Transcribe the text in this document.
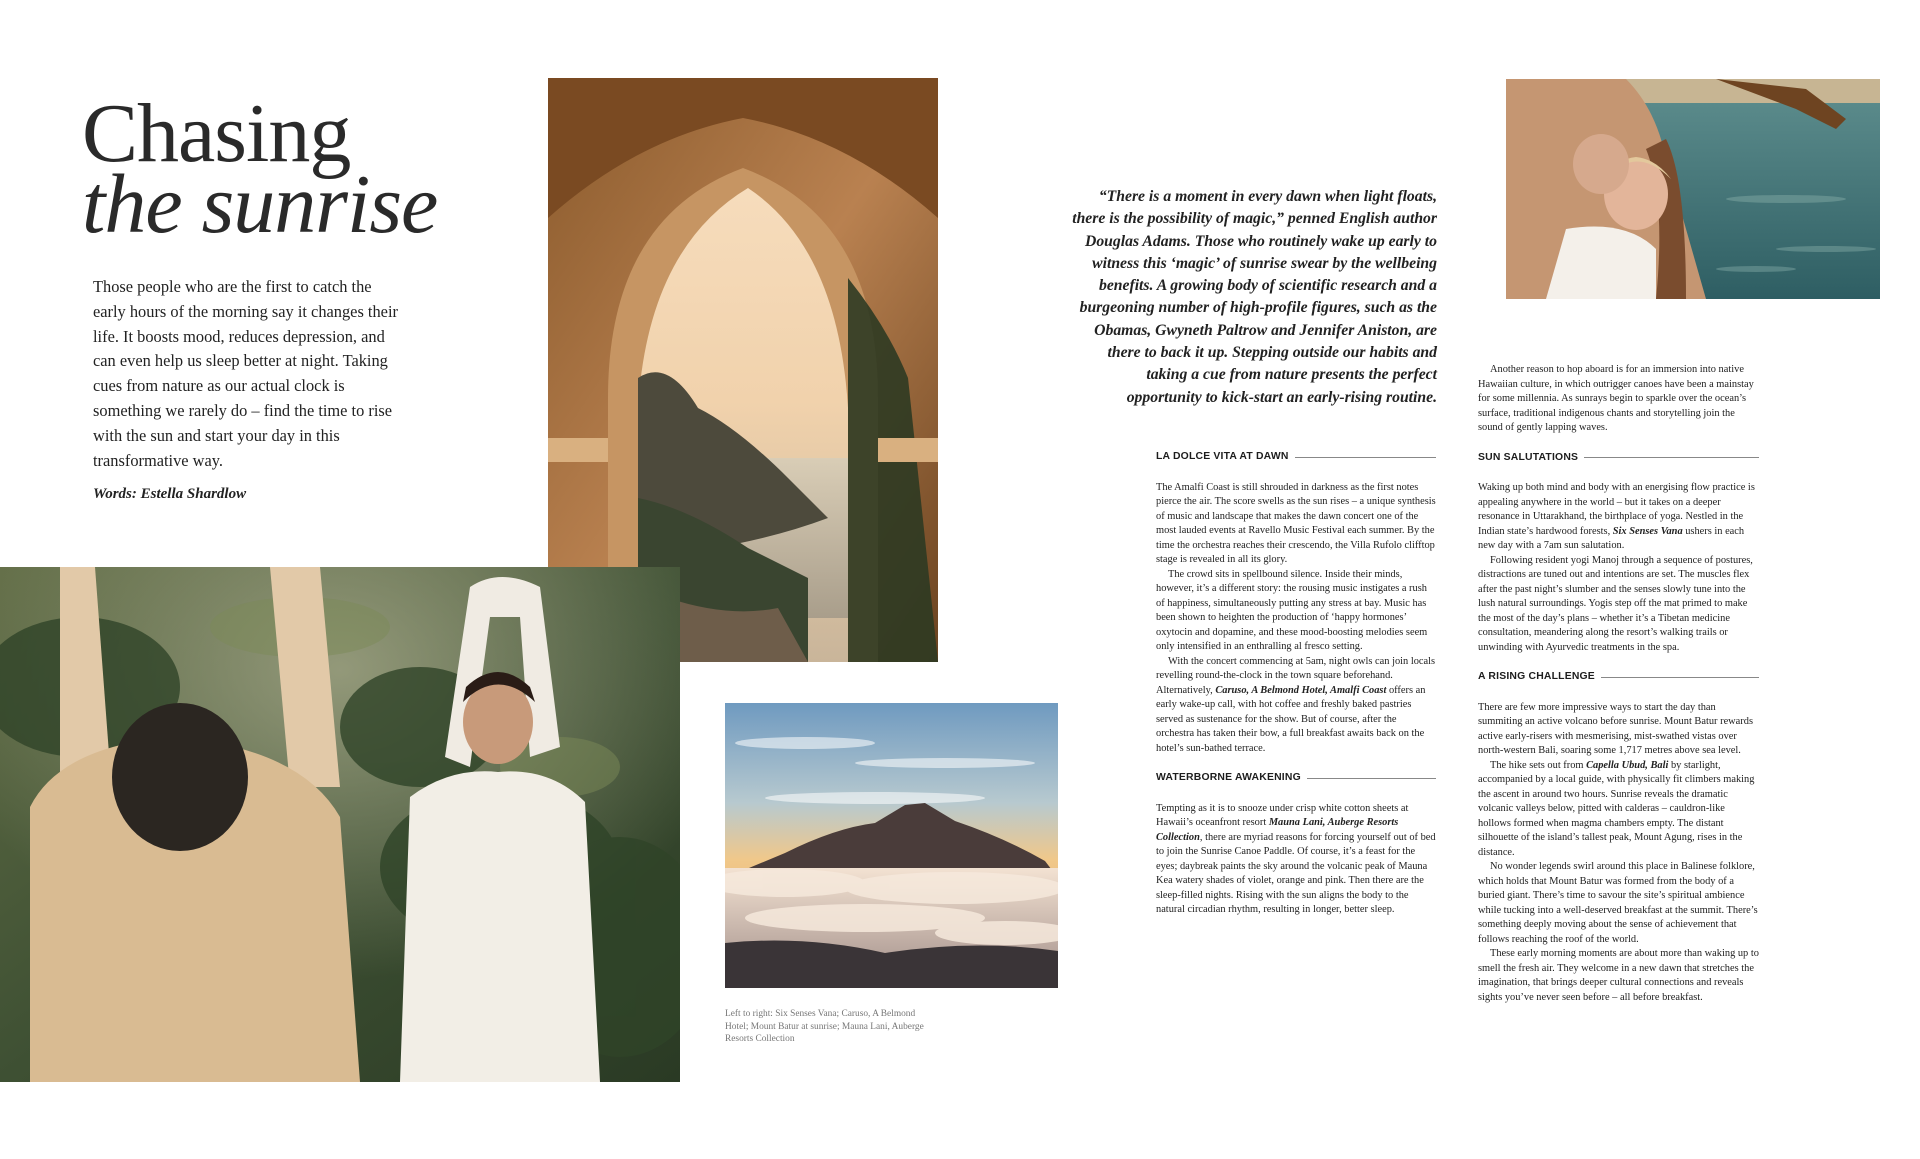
Chasing
the sunrise
Those people who are the first to catch the early hours of the morning say it changes their life. It boosts mood, reduces depression, and can even help us sleep better at night. Taking cues from nature as our actual clock is something we rarely do – find the time to rise with the sun and start your day in this transformative way.
Words: Estella Shardlow
Left to right: Six Senses Vana; Caruso, A Belmond Hotel; Mount Batur at sunrise; Mauna Lani, Auberge Resorts Collection
“There is a moment in every dawn when light floats, there is the possibility of magic,” penned English author Douglas Adams. Those who routinely wake up early to witness this ‘magic’ of sunrise swear by the wellbeing benefits. A growing body of scientific research and a burgeoning number of high-profile figures, such as the Obamas, Gwyneth Paltrow and Jennifer Aniston, are there to back it up. Stepping outside our habits and taking a cue from nature presents the perfect opportunity to kick-start an early-rising routine.
LA DOLCE VITA AT DAWN

The Amalfi Coast is still shrouded in darkness as the first notes pierce the air. The score swells as the sun rises – a unique synthesis of music and landscape that makes the dawn concert one of the most lauded events at Ravello Music Festival each summer. By the time the orchestra reaches their crescendo, the Villa Rufolo clifftop stage is revealed in all its glory.

The crowd sits in spellbound silence. Inside their minds, however, it’s a different story: the rousing music instigates a rush of happiness, simultaneously putting any stress at bay. Music has been shown to heighten the production of ‘happy hormones’ oxytocin and dopamine, and these mood-boosting melodies seem only intensified in an enthralling al fresco setting.

With the concert commencing at 5am, night owls can join locals revelling round-the-clock in the town square beforehand. Alternatively, Caruso, A Belmond Hotel, Amalfi Coast offers an early wake-up call, with hot coffee and freshly baked pastries served as sustenance for the show. But of course, after the orchestra has taken their bow, a full breakfast awaits back on the hotel’s sun-bathed terrace.

WATERBORNE AWAKENING

Tempting as it is to snooze under crisp white cotton sheets at Hawaii’s oceanfront resort Mauna Lani, Auberge Resorts Collection, there are myriad reasons for forcing yourself out of bed to join the Sunrise Canoe Paddle. Of course, it’s a feast for the eyes; daybreak paints the sky around the volcanic peak of Mauna Kea watery shades of violet, orange and pink. Then there are the sleep-filled nights. Rising with the sun aligns the body to the natural circadian rhythm, resulting in longer, better sleep.

Another reason to hop aboard is for an immersion into native Hawaiian culture, in which outrigger canoes have been a mainstay for some millennia. As sunrays begin to sparkle over the ocean’s surface, traditional indigenous chants and storytelling join the sound of gently lapping waves.

SUN SALUTATIONS

Waking up both mind and body with an energising flow practice is appealing anywhere in the world – but it takes on a deeper resonance in Uttarakhand, the birthplace of yoga. Nestled in the Indian state’s hardwood forests, Six Senses Vana ushers in each new day with a 7am sun salutation.

Following resident yogi Manoj through a sequence of postures, distractions are tuned out and intentions are set. The muscles flex after the past night’s slumber and the senses slowly tune into the lush natural surroundings. Yogis step off the mat primed to make the most of the day’s plans – whether it’s a Tibetan medicine consultation, meandering along the resort’s walking trails or unwinding with Ayurvedic treatments in the spa.

A RISING CHALLENGE

There are few more impressive ways to start the day than summiting an active volcano before sunrise. Mount Batur rewards active early-risers with mesmerising, mist-swathed vistas over north-western Bali, soaring some 1,717 metres above sea level.

The hike sets out from Capella Ubud, Bali by starlight, accompanied by a local guide, with physically fit climbers making the ascent in around two hours. Sunrise reveals the dramatic volcanic valleys below, pitted with calderas – cauldron-like hollows formed when magma chambers empty. The distant silhouette of the island’s tallest peak, Mount Agung, rises in the distance.

No wonder legends swirl around this place in Balinese folklore, which holds that Mount Batur was formed from the body of a buried giant. There’s time to savour the site’s spiritual ambience while tucking into a well-deserved breakfast at the summit. There’s something deeply moving about the sense of achievement that follows reaching the roof of the world.

These early morning moments are about more than waking up to smell the fresh air. They welcome in a new dawn that stretches the imagination, that brings deeper cultural connections and reveals sights you’ve never seen before – all before breakfast.
